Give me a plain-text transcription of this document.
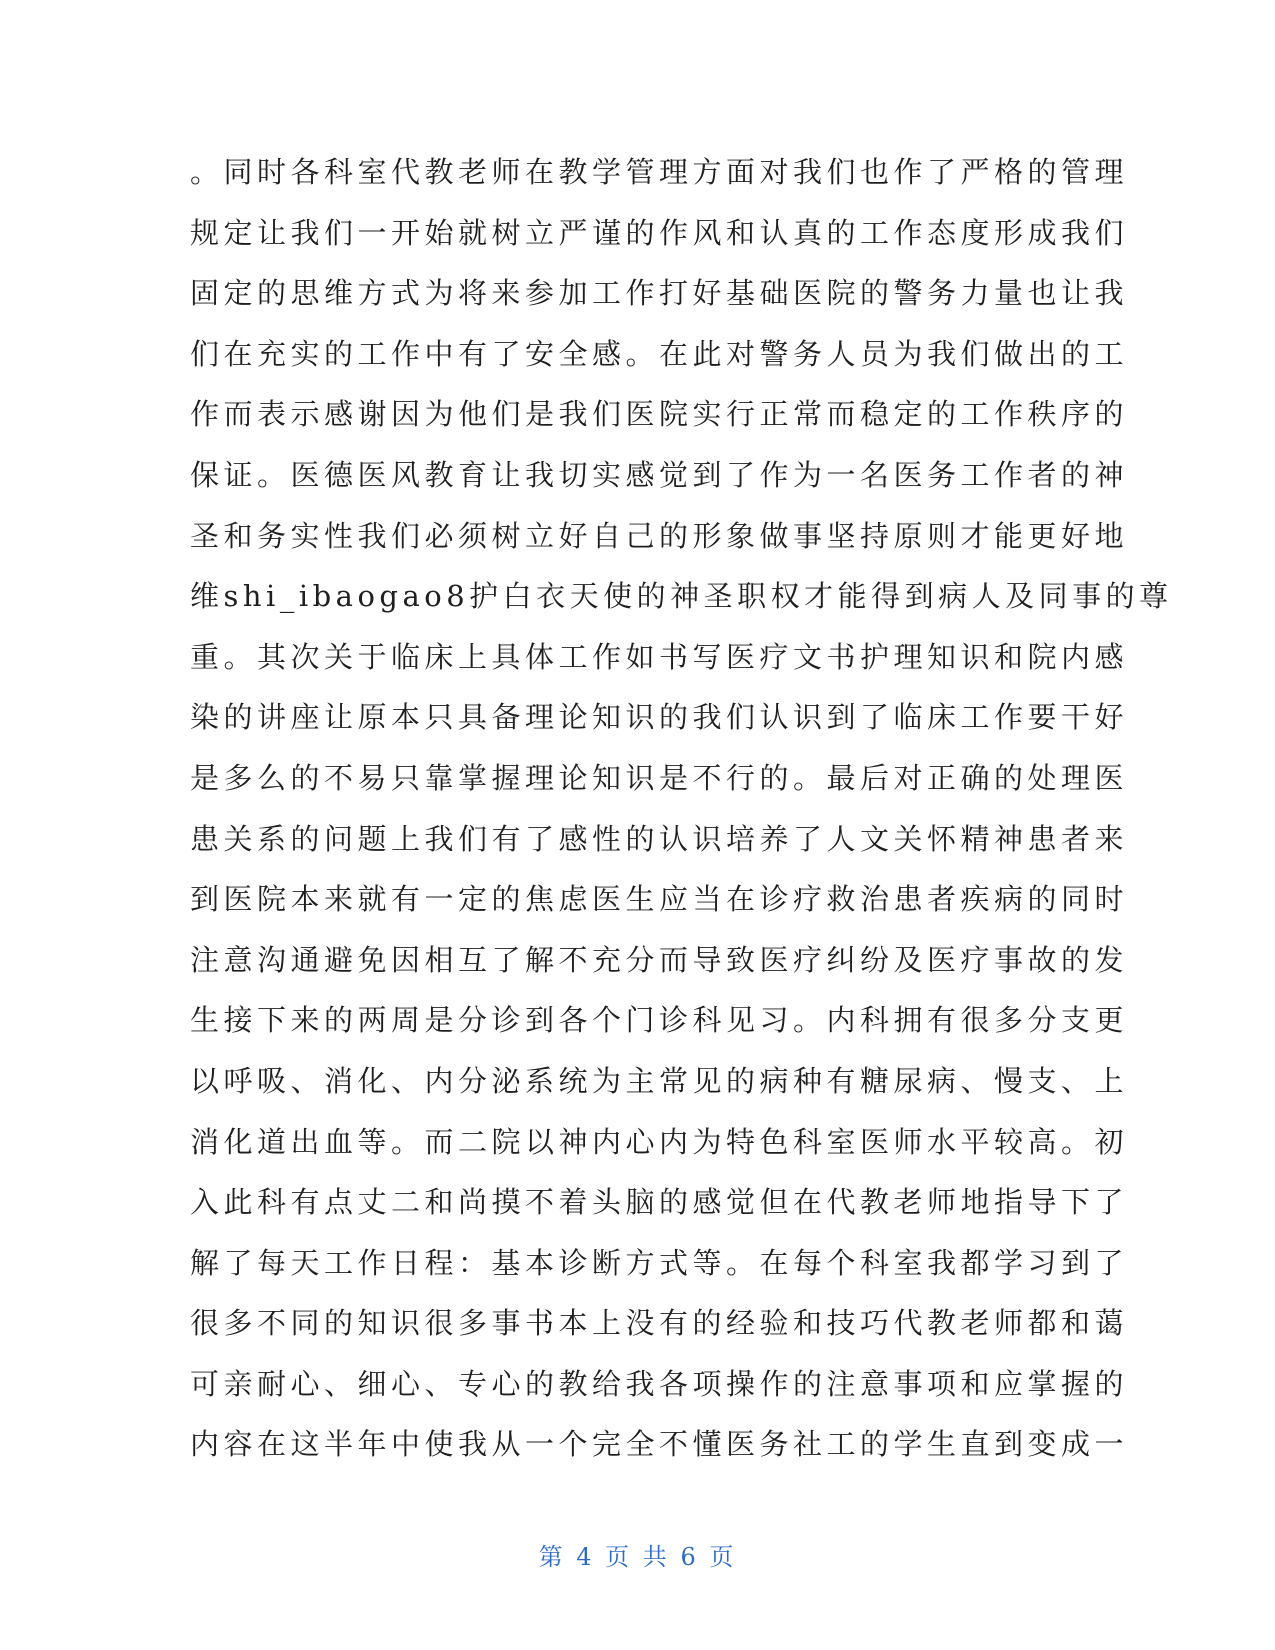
。同时各科室代教老师在教学管理方面对我们也作了严格的管理
规定让我们一开始就树立严谨的作风和认真的工作态度形成我们
固定的思维方式为将来参加工作打好基础医院的警务力量也让我
们在充实的工作中有了安全感。在此对警务人员为我们做出的工
作而表示感谢因为他们是我们医院实行正常而稳定的工作秩序的
保证。医德医风教育让我切实感觉到了作为一名医务工作者的神
圣和务实性我们必须树立好自己的形象做事坚持原则才能更好地
维shi_ibaogao8护白衣天使的神圣职权才能得到病人及同事的尊
重。其次关于临床上具体工作如书写医疗文书护理知识和院内感
染的讲座让原本只具备理论知识的我们认识到了临床工作要干好
是多么的不易只靠掌握理论知识是不行的。最后对正确的处理医
患关系的问题上我们有了感性的认识培养了人文关怀精神患者来
到医院本来就有一定的焦虑医生应当在诊疗救治患者疾病的同时
注意沟通避免因相互了解不充分而导致医疗纠纷及医疗事故的发
生接下来的两周是分诊到各个门诊科见习。内科拥有很多分支更
以呼吸、消化、内分泌系统为主常见的病种有糖尿病、慢支、上
消化道出血等。而二院以神内心内为特色科室医师水平较高。初
入此科有点丈二和尚摸不着头脑的感觉但在代教老师地指导下了
解了每天工作日程：基本诊断方式等。在每个科室我都学习到了
很多不同的知识很多事书本上没有的经验和技巧代教老师都和蔼
可亲耐心、细心、专心的教给我各项操作的注意事项和应掌握的
内容在这半年中使我从一个完全不懂医务社工的学生直到变成一
第 4 页 共 6 页
